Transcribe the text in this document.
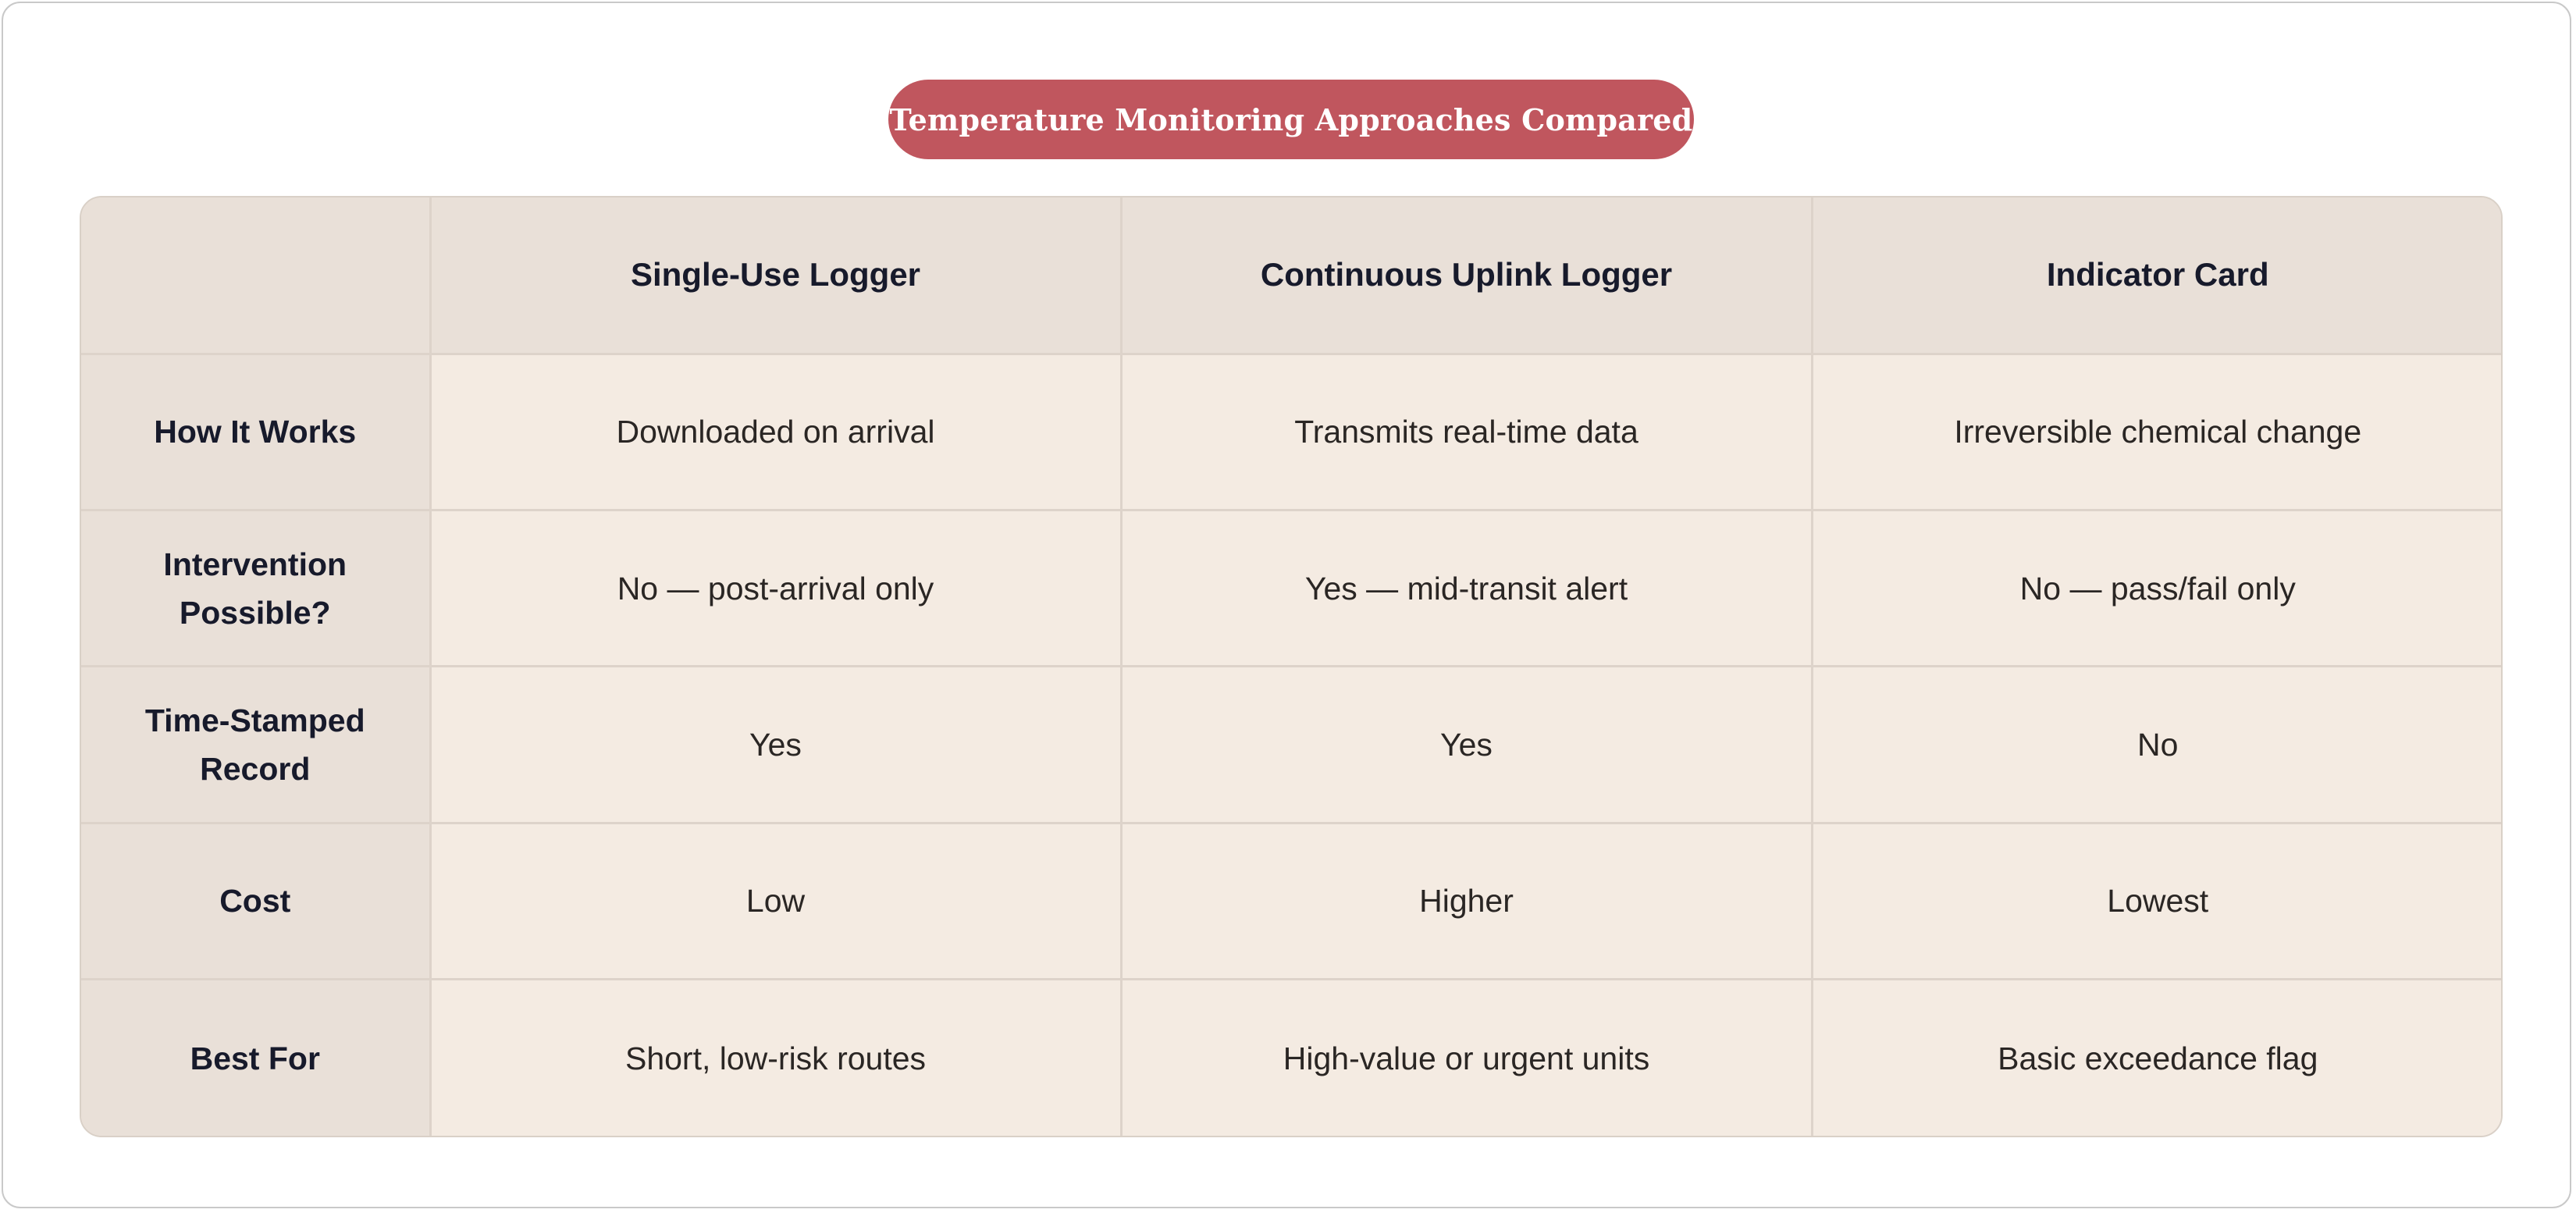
Temperature Monitoring Approaches Compared
	Single-Use Logger	Continuous Uplink Logger	Indicator Card
How It Works	Downloaded on arrival	Transmits real-time data	Irreversible chemical change
Intervention Possible?	No — post-arrival only	Yes — mid-transit alert	No — pass/fail only
Time-Stamped Record	Yes	Yes	No
Cost	Low	Higher	Lowest
Best For	Short, low-risk routes	High-value or urgent units	Basic exceedance flag
